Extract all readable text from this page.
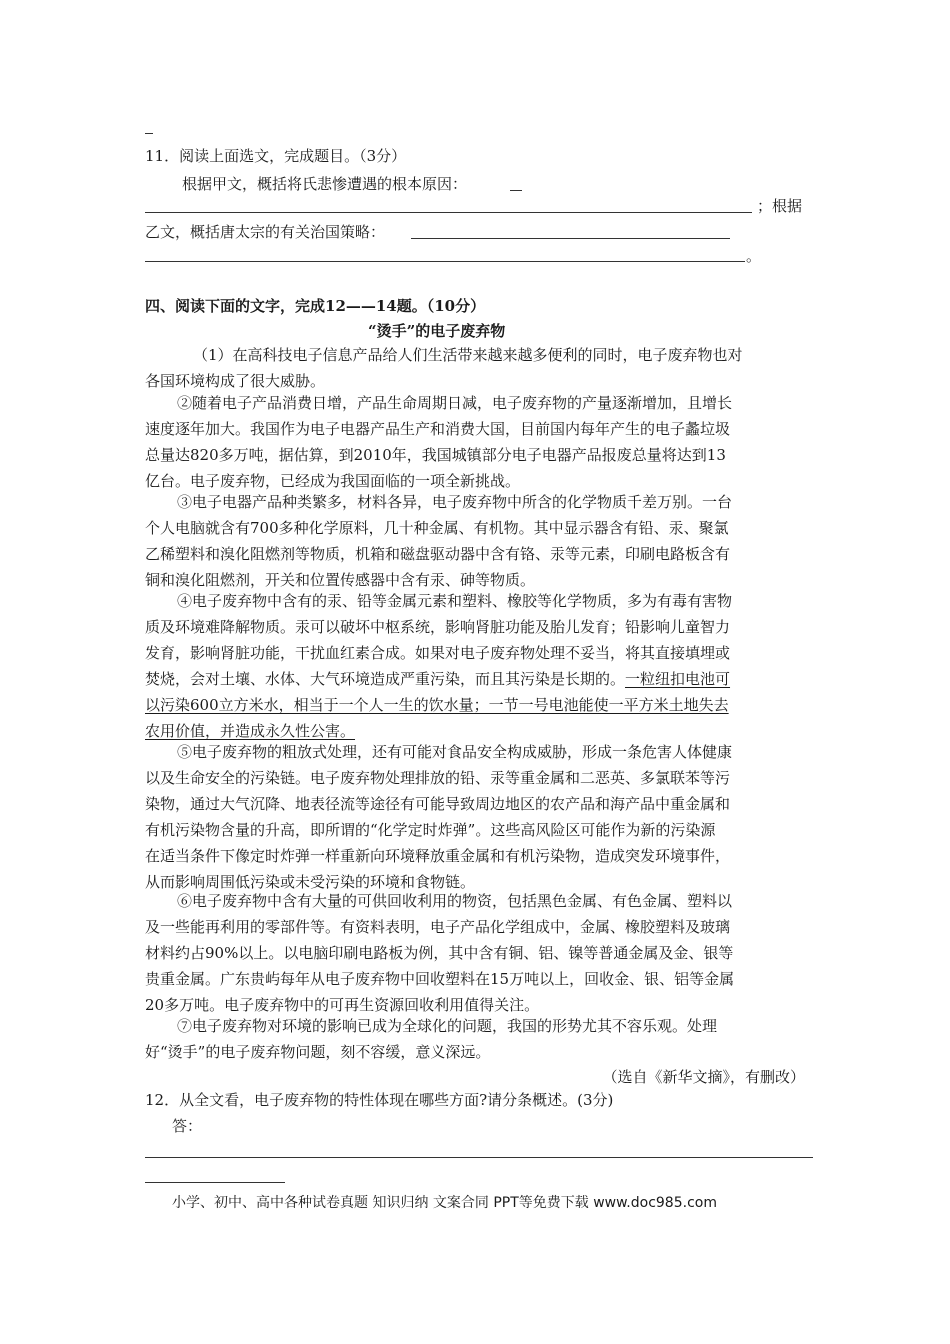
11．阅读上面选文，完成题目。（3分）
根据甲文，概括将氏悲惨遭遇的根本原因：
；根据
乙文，概括唐太宗的有关治国策略：
。
四、阅读下面的文字，完成12——14题。（10分）
“烫手”的电子废弃物
（1）在高科技电子信息产品给人们生活带来越来越多便利的同时，电子废弃物也对
各国环境构成了很大威胁。
②随着电子产品消费日增，产品生命周期日减，电子废弃物的产量逐渐增加，且增长
速度逐年加大。我国作为电子电器产品生产和消费大国，目前国内每年产生的电子蠡垃圾
总量达820多万吨，据估算，到2010年，我国城镇部分电子电器产品报废总量将达到13
亿台。电子废弃物，已经成为我国面临的一项全新挑战。
③电子电器产品种类繁多，材料各异，电子废弃物中所含的化学物质千差万别。一台
个人电脑就含有700多种化学原料，几十种金属、有机物。其中显示器含有铅、汞、聚氯
乙稀塑料和溴化阻燃剂等物质，机箱和磁盘驱动器中含有铬、汞等元素，印刷电路板含有
铜和溴化阻燃剂，开关和位置传感器中含有汞、砷等物质。
④电子废弃物中含有的汞、铅等金属元素和塑料、橡胶等化学物质，多为有毒有害物
质及环境难降解物质。汞可以破坏中枢系统，影响肾脏功能及胎儿发育；铅影响儿童智力
发育，影响肾脏功能，干扰血红素合成。如果对电子废弃物处理不妥当，将其直接填埋或
焚烧，会对土壤、水体、大气环境造成严重污染，而且其污染是长期的。一粒纽扣电池可
以污染600立方米水，相当于一个人一生的饮水量；一节一号电池能使一平方米土地失去
农用价值，并造成永久性公害。
⑤电子废弃物的粗放式处理，还有可能对食品安全构成威胁，形成一条危害人体健康
以及生命安全的污染链。电子废弃物处理排放的铅、汞等重金属和二恶英、多氯联苯等污
染物，通过大气沉降、地表径流等途径有可能导致周边地区的农产品和海产品中重金属和
有机污染物含量的升高，即所谓的“化学定时炸弹”。这些高风险区可能作为新的污染源
在适当条件下像定时炸弹一样重新向环境释放重金属和有机污染物，造成突发环境事件，
从而影响周围低污染或未受污染的环境和食物链。
⑥电子废弃物中含有大量的可供回收利用的物资，包括黑色金属、有色金属、塑料以
及一些能再利用的零部件等。有资料表明，电子产品化学组成中，金属、橡胶塑料及玻璃
材料约占90%以上。以电脑印刷电路板为例，其中含有铜、铝、镍等普通金属及金、银等
贵重金属。广东贵屿每年从电子废弃物中回收塑料在15万吨以上，回收金、银、铝等金属
20多万吨。电子废弃物中的可再生资源回收利用值得关注。
⑦电子废弃物对环境的影响已成为全球化的问题，我国的形势尤其不容乐观。处理
好“烫手”的电子废弃物问题，刻不容缓，意义深远。
（选自《新华文摘》，有删改）
12．从全文看，电子废弃物的特性体现在哪些方面?请分条概述。(3分)
答：
小学、初中、高中各种试卷真题 知识归纳 文案合同 PPT等免费下载 www.doc985.com
